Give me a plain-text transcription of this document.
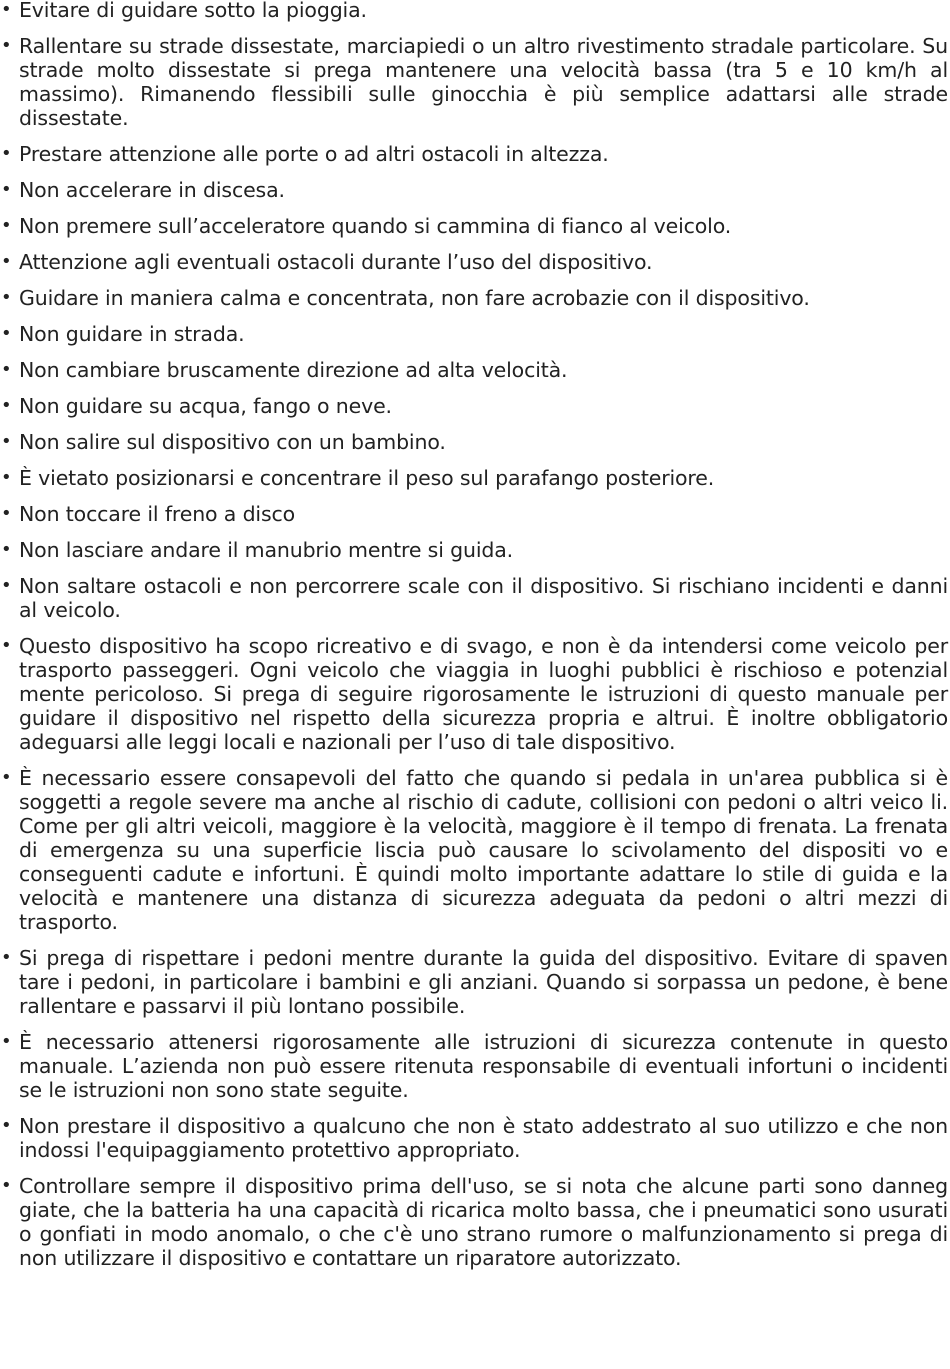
• Evitare di guidare sotto la pioggia.
• Rallentare su strade dissestate, marciapiedi o un altro rivestimento stradale particolare. Su strade molto dissestate si prega mantenere una velocità bassa (tra 5 e 10 km/h al massimo). Rimanendo flessibili sulle ginocchia è più semplice adattarsi alle strade dissestate.
• Prestare attenzione alle porte o ad altri ostacoli in altezza.
• Non accelerare in discesa.
• Non premere sull’acceleratore quando si cammina di fianco al veicolo.
• Attenzione agli eventuali ostacoli durante l’uso del dispositivo.
• Guidare in maniera calma e concentrata, non fare acrobazie con il dispositivo.
• Non guidare in strada.
• Non cambiare bruscamente direzione ad alta velocità.
• Non guidare su acqua, fango o neve.
• Non salire sul dispositivo con un bambino.
• È vietato posizionarsi e concentrare il peso sul parafango posteriore.
• Non toccare il freno a disco
• Non lasciare andare il manubrio mentre si guida.
• Non saltare ostacoli e non percorrere scale con il dispositivo. Si rischiano incidenti e danni al veicolo.
• Questo dispositivo ha scopo ricreativo e di svago, e non è da intendersi come veicolo per trasporto passeggeri. Ogni veicolo che viaggia in luoghi pubblici è rischioso e potenzial mente pericoloso. Si prega di seguire rigorosamente le istruzioni di questo manuale per guidare il dispositivo nel rispetto della sicurezza propria e altrui. È inoltre obbligatorio adeguarsi alle leggi locali e nazionali per l’uso di tale dispositivo.
• È necessario essere consapevoli del fatto che quando si pedala in un'area pubblica si è soggetti a regole severe ma anche al rischio di cadute, collisioni con pedoni o altri veico li. Come per gli altri veicoli, maggiore è la velocità, maggiore è il tempo di frenata. La frenata di emergenza su una superficie liscia può causare lo scivolamento del dispositi vo e conseguenti cadute e infortuni. È quindi molto importante adattare lo stile di guida e la velocità e mantenere una distanza di sicurezza adeguata da pedoni o altri mezzi di trasporto.
• Si prega di rispettare i pedoni mentre durante la guida del dispositivo. Evitare di spaven tare i pedoni, in particolare i bambini e gli anziani. Quando si sorpassa un pedone, è bene rallentare e passarvi il più lontano possibile.
• È necessario attenersi rigorosamente alle istruzioni di sicurezza contenute in questo manuale. L’azienda non può essere ritenuta responsabile di eventuali infortuni o incidenti se le istruzioni non sono state seguite.
• Non prestare il dispositivo a qualcuno che non è stato addestrato al suo utilizzo e che non indossi l'equipaggiamento protettivo appropriato.
• Controllare sempre il dispositivo prima dell'uso, se si nota che alcune parti sono danneg giate, che la batteria ha una capacità di ricarica molto bassa, che i pneumatici sono usurati o gonfiati in modo anomalo, o che c'è uno strano rumore o malfunzionamento si prega di non utilizzare il dispositivo e contattare un riparatore autorizzato.
